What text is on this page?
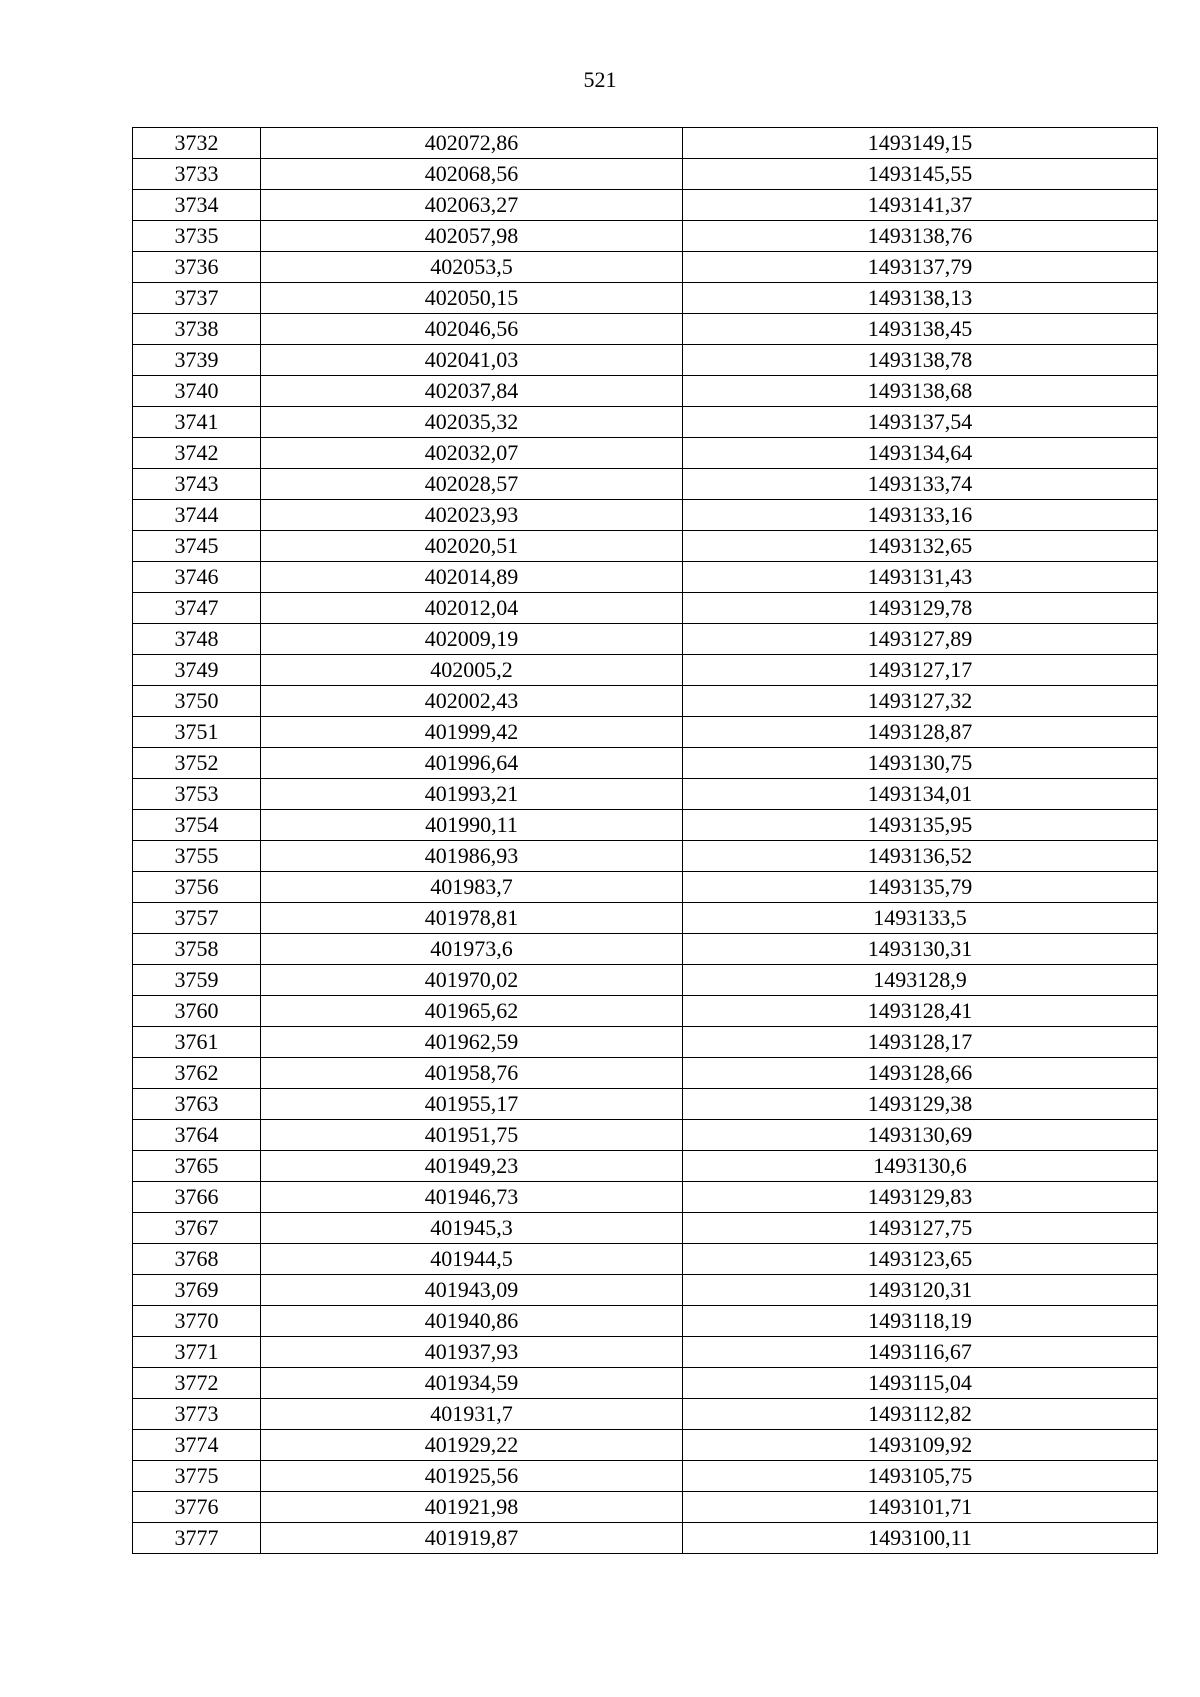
521
3732	402072,86	1493149,15
3733	402068,56	1493145,55
3734	402063,27	1493141,37
3735	402057,98	1493138,76
3736	402053,5	1493137,79
3737	402050,15	1493138,13
3738	402046,56	1493138,45
3739	402041,03	1493138,78
3740	402037,84	1493138,68
3741	402035,32	1493137,54
3742	402032,07	1493134,64
3743	402028,57	1493133,74
3744	402023,93	1493133,16
3745	402020,51	1493132,65
3746	402014,89	1493131,43
3747	402012,04	1493129,78
3748	402009,19	1493127,89
3749	402005,2	1493127,17
3750	402002,43	1493127,32
3751	401999,42	1493128,87
3752	401996,64	1493130,75
3753	401993,21	1493134,01
3754	401990,11	1493135,95
3755	401986,93	1493136,52
3756	401983,7	1493135,79
3757	401978,81	1493133,5
3758	401973,6	1493130,31
3759	401970,02	1493128,9
3760	401965,62	1493128,41
3761	401962,59	1493128,17
3762	401958,76	1493128,66
3763	401955,17	1493129,38
3764	401951,75	1493130,69
3765	401949,23	1493130,6
3766	401946,73	1493129,83
3767	401945,3	1493127,75
3768	401944,5	1493123,65
3769	401943,09	1493120,31
3770	401940,86	1493118,19
3771	401937,93	1493116,67
3772	401934,59	1493115,04
3773	401931,7	1493112,82
3774	401929,22	1493109,92
3775	401925,56	1493105,75
3776	401921,98	1493101,71
3777	401919,87	1493100,11
